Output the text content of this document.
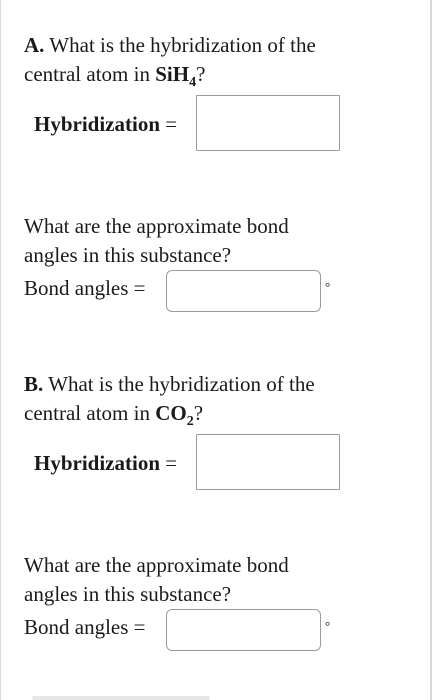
A. What is the hybridization of the
central atom in SiH$_4$?

Hybridization =

What are the approximate bond
angles in this substance?

Bond angles =	°

B. What is the hybridization of the
central atom in $CO_2$?

Hybridization =

What are the approximate bond
angles in this substance?

Bond angles =	°
